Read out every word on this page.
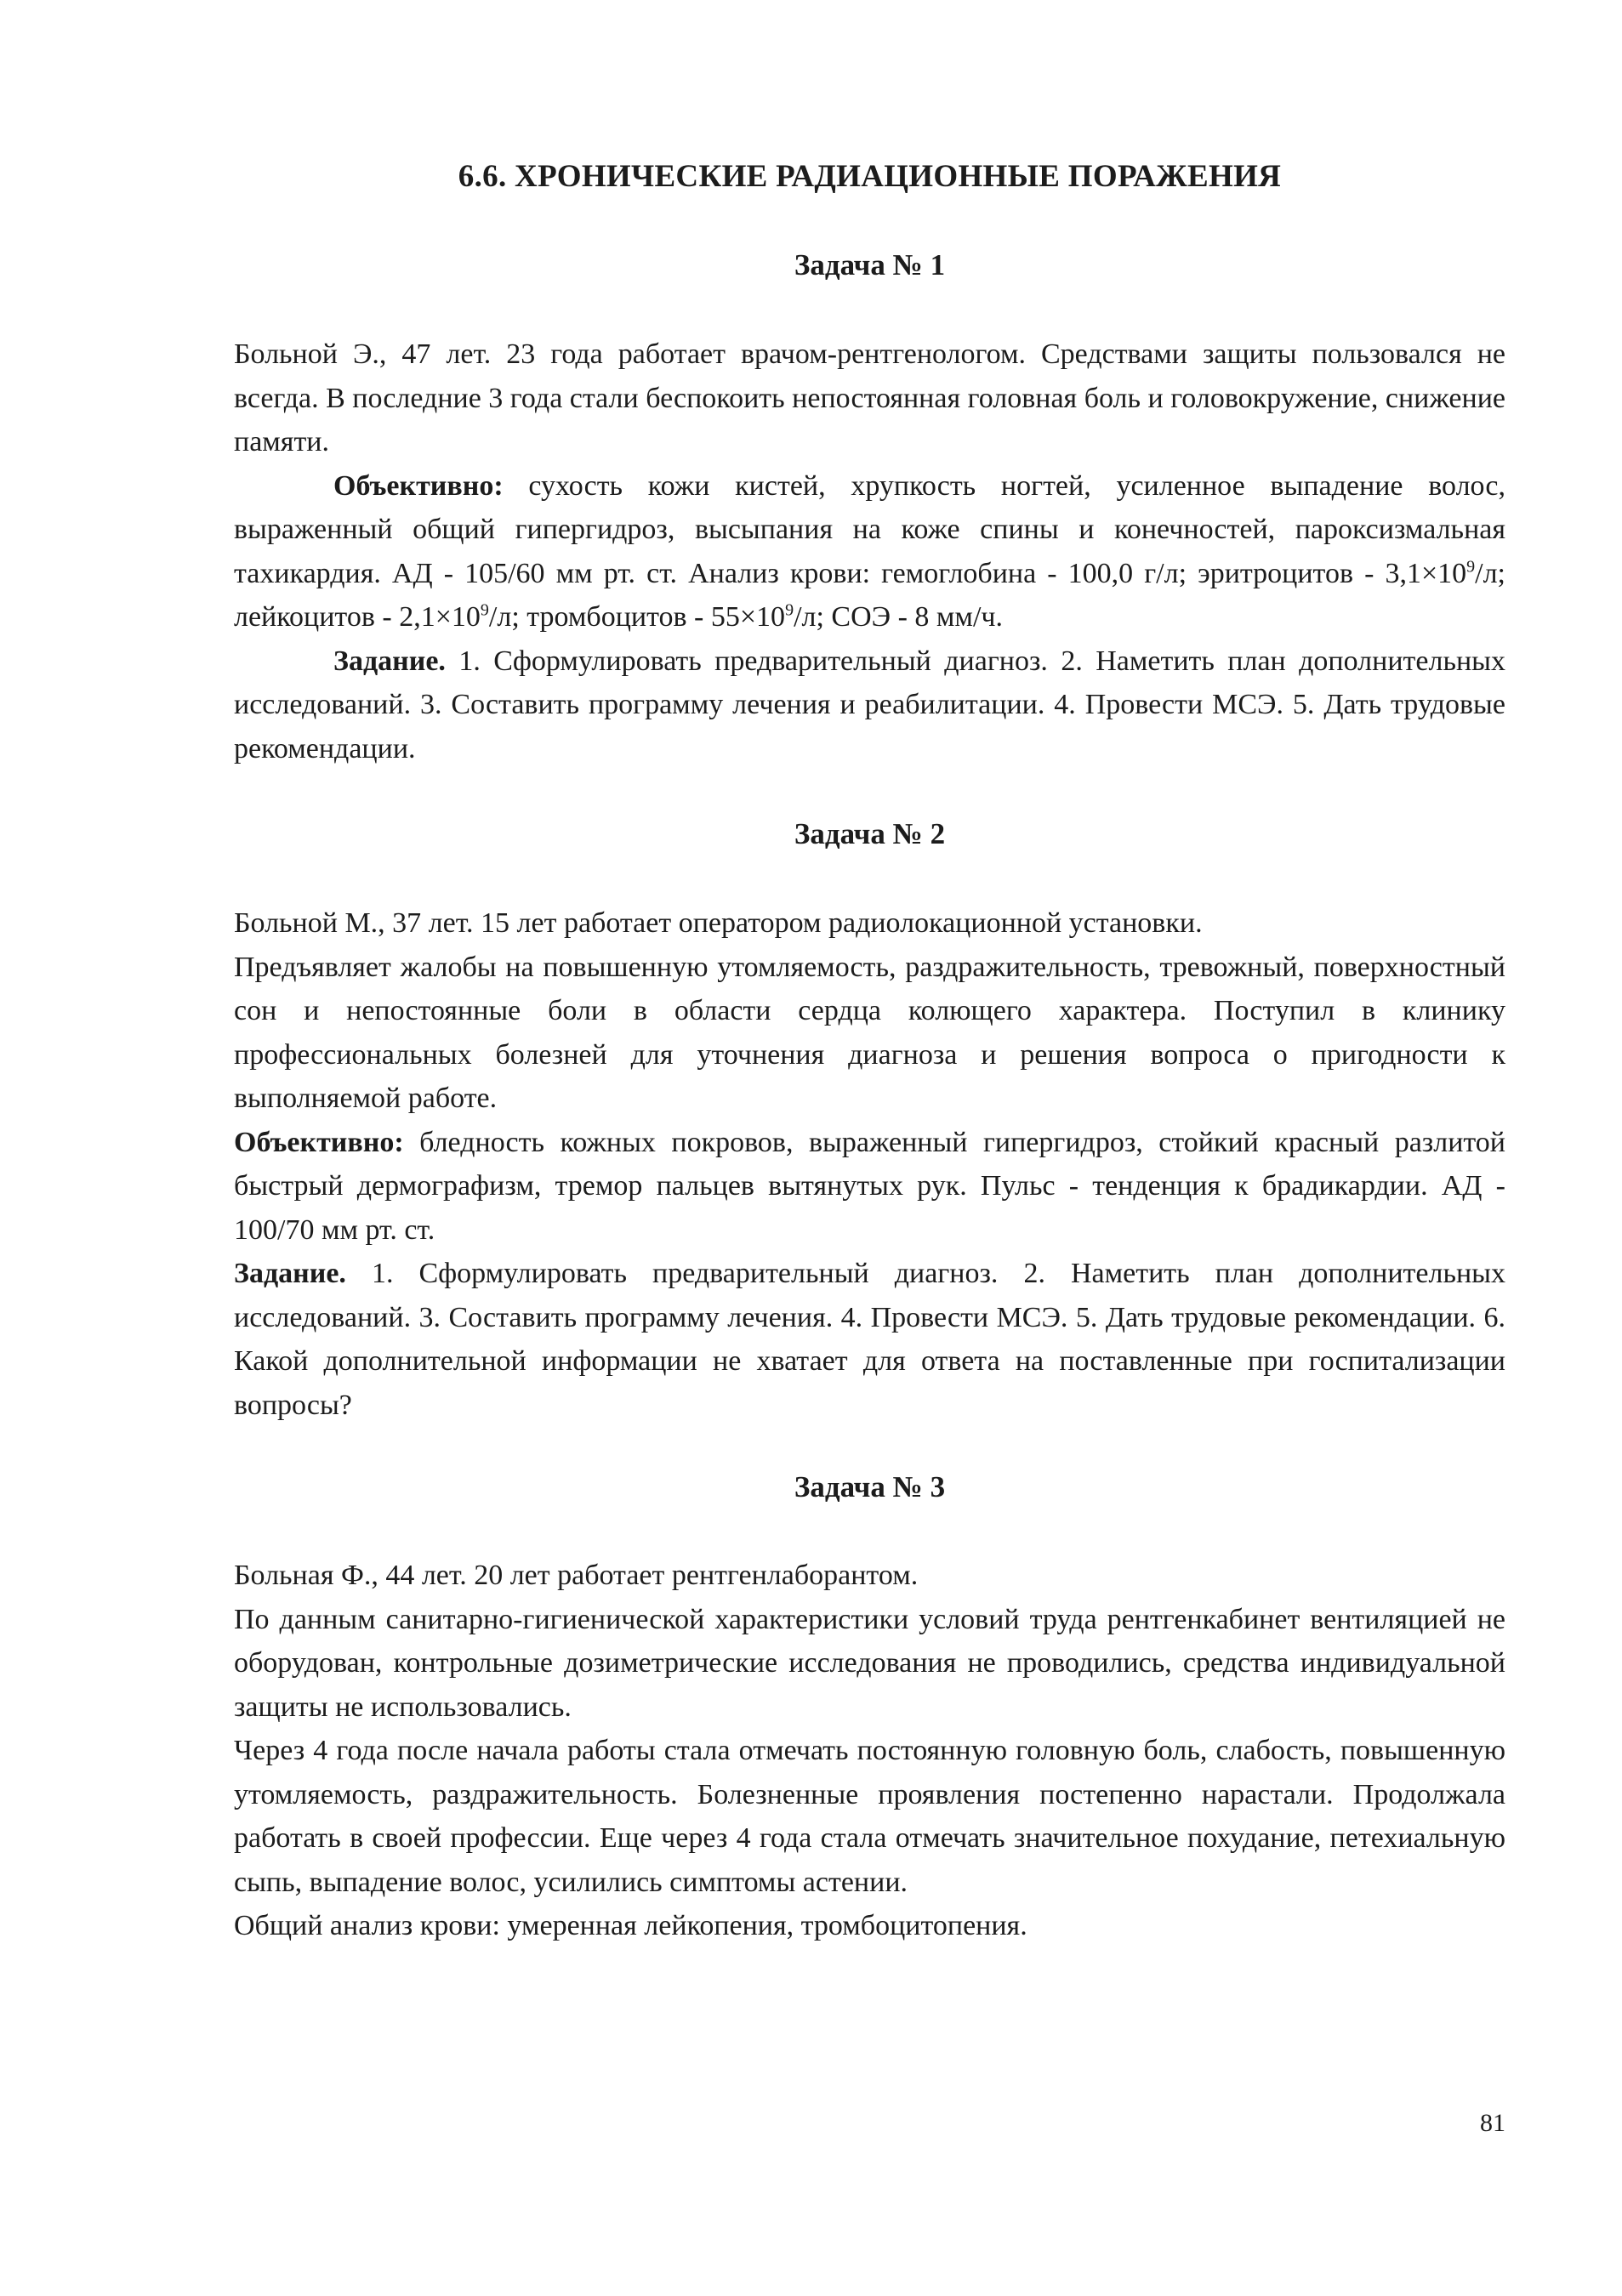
6.6. ХРОНИЧЕСКИЕ РАДИАЦИОННЫЕ ПОРАЖЕНИЯ
Задача № 1

Больной Э., 47 лет. 23 года работает врачом-рентгенологом. Средствами защиты пользовался не всегда. В последние 3 года стали беспокоить непостоянная головная боль и головокружение, снижение памяти.

Объективно: сухость кожи кистей, хрупкость ногтей, усиленное выпадение волос, выраженный общий гипергидроз, высыпания на коже спины и конечностей, пароксизмальная тахикардия. АД - 105/60 мм рт. ст. Анализ крови: гемоглобина - 100,0 г/л; эритроцитов - $3,1\times 10^9/л$; лейкоцитов - $2,1\times 10^9/л$; тромбоцитов - $55\times 10^9/л$; СОЭ - 8 мм/ч.

Задание. 1. Сформулировать предварительный диагноз. 2. Наметить план дополнительных исследований. 3. Составить программу лечения и реабилитации. 4. Провести МСЭ. 5. Дать трудовые рекомендации.

Задача № 2

Больной М., 37 лет. 15 лет работает оператором радиолокационной установки.

Предъявляет жалобы на повышенную утомляемость, раздражительность, тревожный, поверхностный сон и непостоянные боли в области сердца колющего характера. Поступил в клинику профессиональных болезней для уточнения диагноза и решения вопроса о пригодности к выполняемой работе.

Объективно: бледность кожных покровов, выраженный гипергидроз, стойкий красный разлитой быстрый дермографизм, тремор пальцев вытянутых рук. Пульс - тенденция к брадикардии. АД - 100/70 мм рт. ст.

Задание. 1. Сформулировать предварительный диагноз. 2. Наметить план дополнительных исследований. 3. Составить программу лечения. 4. Провести МСЭ. 5. Дать трудовые рекомендации. 6. Какой дополнительной информации не хватает для ответа на поставленные при госпитализации вопросы?

Задача № 3

Больная Ф., 44 лет. 20 лет работает рентгенлаборантом.

По данным санитарно-гигиенической характеристики условий труда рентгенкабинет вентиляцией не оборудован, контрольные дозиметрические исследования не проводились, средства индивидуальной защиты не использовались.

Через 4 года после начала работы стала отмечать постоянную головную боль, слабость, повышенную утомляемость, раздражительность. Болезненные проявления постепенно нарастали. Продолжала работать в своей профессии. Еще через 4 года стала отмечать значительное похудание, петехиальную сыпь, выпадение волос, усилились симптомы астении.

Общий анализ крови: умеренная лейкопения, тромбоцитопения.

81
